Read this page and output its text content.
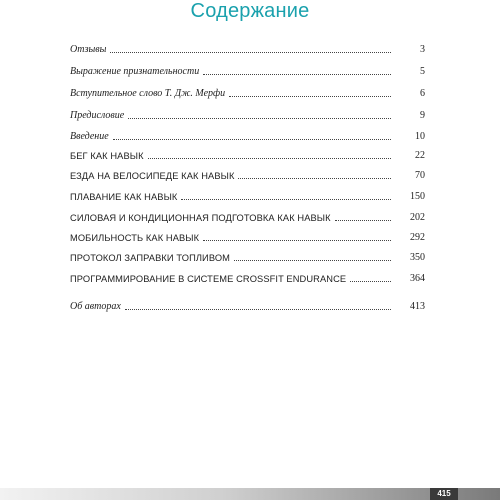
Содержание
Отзывы	3
Выражение признательности	5
Вступительное слово Т. Дж. Мерфи	6
Предисловие	9
Введение	10
БЕГ КАК НАВЫК	22
ЕЗДА НА ВЕЛОСИПЕДЕ КАК НАВЫК	70
ПЛАВАНИЕ КАК НАВЫК	150
СИЛОВАЯ И КОНДИЦИОННАЯ ПОДГОТОВКА КАК НАВЫК	202
МОБИЛЬНОСТЬ КАК НАВЫК	292
ПРОТОКОЛ ЗАПРАВКИ ТОПЛИВОМ	350
ПРОГРАММИРОВАНИЕ В СИСТЕМЕ CROSSFIT ENDURANCE	364
Об авторах	413
415
